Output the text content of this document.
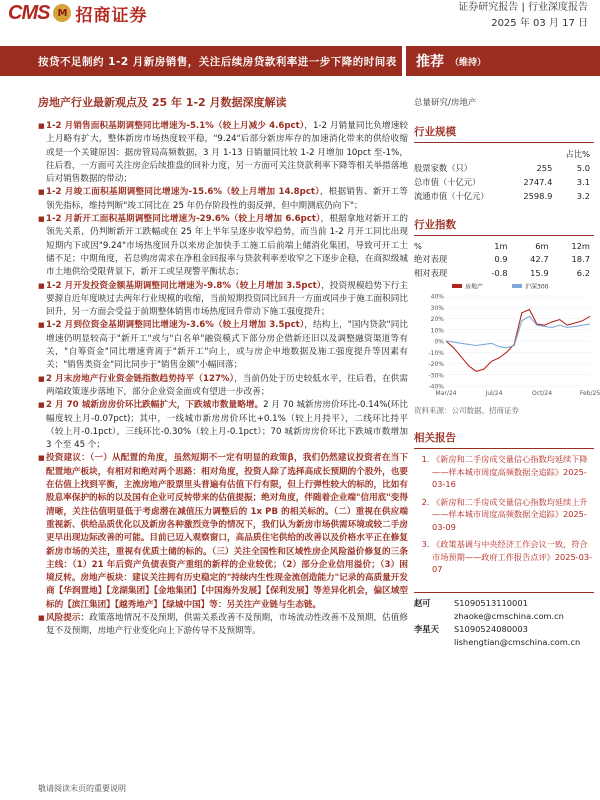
CMS M 招商证券	证券研究报告 | 行业深度报告
2025 年 03 月 17 日
按贷不足制约 1-2 月新房销售，关注后续房贷款利率进一步下降的时间表	推荐 （维持）
房地产行业最新观点及 25 年 1-2 月数据深度解读
■ 1-2 月销售面积基期调整同比增速为-5.1%（较上月减少 4.6pct），1-2 月销量同比负增速较上月略有扩大，整体新房市场热度较平稳，"9.24"后部分新房库存的加速消化带来的供给收缩或是一个关键原因：据房管局高频数据，3 月 1-13 日销量同比较 1-2 月增加 10pct 至-1%，往后看，一方面可关注房企后续推盘的回补力度，另一方面可关注贷款利率下降等相关举措落地后对销售数据的带动；
■ 1-2 月竣工面积基期调整同比增速为-15.6%（较上月增加 14.8pct），根据销售、新开工等领先指标，维持判断"竣工同比在 25 年仍存阶段性的弱反弹，但中期测底仍向下"；
■ 1-2 月新开工面积基期调整同比增速为-29.6%（较上月增加 6.6pct），根据拿地对新开工的领先关系，仍判断新开工跌幅或在 25 年上半年呈逐步收窄趋势，而当前 1-2 月开工同比出现短期内下或因"9.24"市场热度回升以来房企加快手工施工后前端上储消化集团，导致可开工土储不足；中期角度，若总购房需求在净租金回报率与贷款利率差收窄之下逐步企稳，在商拟级城市土地供给受限背景下，新开工或呈现警平衡状态；
■ 1-2 月开发投资金额基期调整同比增速为-9.8%（较上月增加 3.5pct），投资规模趋势下行主要源自近年度映过去两年行业规模的收缩，当前短期投资同比回升一方面或同步于施工面积同比回升，另一方面会受益于前期整体销售市场热度回升带动下施工强度提升；
■ 1-2 月到位资金基期调整同比增速为-3.6%（较上月增加 3.5pct），结构上，"国内贷款"同比增速仍明显较高于"新开工"或与"白名单"融资模式下部分房企借新还旧以及调整融资渠道等有关，"自筹资金"同比增速背离于"新开工"向上，或与房企申地数据及施工强度提升等因素有关；"销售类资金"同比同步于"销售金额"小幅回落；
■ 2 月末房地产行业资金链指数趋势持平（127%），当前仍处于历史较低水平，往后看，在供需两端政策逐步落地下，部分企业资金面或有望进一步改善；
■ 2 月 70 城新房房价环比跌幅扩大，下跌城市数量略增。2 月 70 城新房房价环比-0.14%(环比幅度较上月-0.07pct)；其中，一线城市新房房价环比+0.1%（较上月持平），二线环比持平（较上月-0.1pct），三线环比-0.30%（较上月-0.1pct）；70 城新房房价环比下跌城市数增加 3 个至 45 个；
■ 投资建议：（一）从配置的角度，虽然短期不一定有明显的政策β，我们仍然建议投资者在当下配置地产板块，有相对和绝对两个思路：相对角度，投资人除了选择高成长预期的个股外，也要在估值上找到平衡，主流房地产股票里头普遍有估值下行有限，但上行弹性较大的标的，比如有股息率保护的标的以及国有企业可反转带来的估值提振；绝对角度，伴随着企业端"信用底"变得清晰，关注估值明显低于考虑潜在减值压力调整后的 1x PB 的相关标的。（二）重视在供应端重视新、供给品质优化以及新房各种激烈竞争的情况下，我们认为新房市场供需环境或较二手房更早出现边际改善的可能。目前已迈入观察窗口，高品质住宅供给的改善以及价格水平正在修复新房市场的关注，重视有优质土储的标的。（三）关注全国性和区域性房企风险溢价修复的三条主线：（1）21 年后资产负债表资产重组的新样的企业较优；（2）部分企业信用溢价；（3）困境反转。房地产板块：建议关注拥有历史稳定的"持续内生性现金流创造能力"记录的高质量开发商【华润置地】【龙湖集团】【金地集团】【中国海外发展】【保利发展】等差异化机会，偏区域型标的【滨江集团】【越秀地产】【绿城中国】等：另关注产业链与生态链。
■ 风险提示：政策落地情况不及预期，供需关系改善不及预期，市场流动性改善不及预期，估值修复不及预期，房地产行业变化向上下游传导不及预期等。
总量研究/房地产
行业规模
		占比%
股票家数（只）	255	5.0
总市值（十亿元）	2747.4	3.1
流通市值（十亿元）	2598.9	3.2
行业指数
%	1m	6m	12m
绝对表现	0.9	42.7	18.7
相对表现	-0.8	15.9	6.2
40%
30%
20%
10%
0%
-10%
-20%
-30%
-40%
Mar/24	Jul/24	Oct/24	Feb/25
房地产	沪深300
资料来源：公司数据、招商证券
相关报告
1. 《新房和二手房成交量信心指数均延续下降——样本城市周度高频数据全追踪》2025-03-16
2. 《新房和二手房成交量信心指数均延续上升——样本城市周度高频数据全追踪》2025-03-09
3. 《政策基调与中央经济工作会议一致，符合市场预期——政府工作报告点评》2025-03-07
赵可	S1090513110001
zhaoke@cmschina.com.cn
李星天 S1090524080003
lishengtian@cmschina.com.cn
敬请阅读末页的重要说明
